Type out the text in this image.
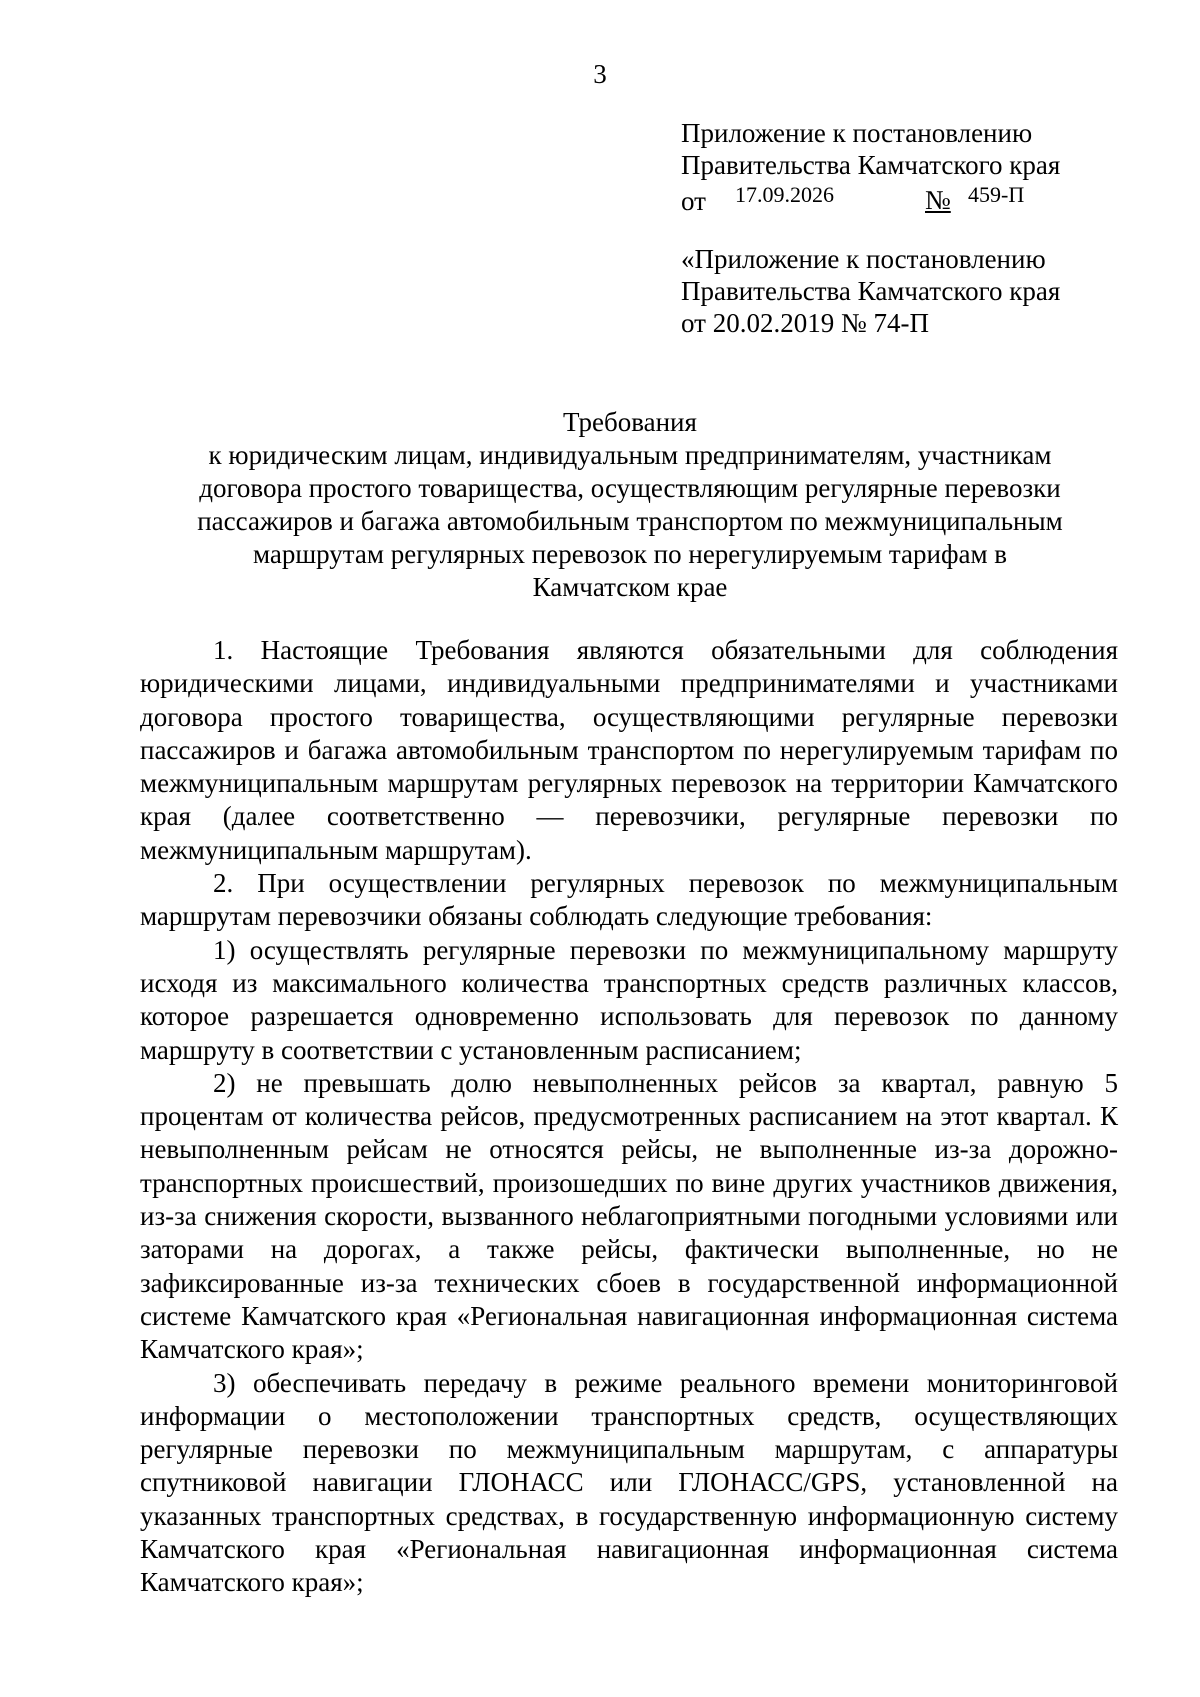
3
Приложение к постановлению
Правительства Камчатского края
от 17.09.2026	№ 459-П
«Приложение к постановлению
Правительства Камчатского края
от 20.02.2019 № 74-П
Требования
к юридическим лицам, индивидуальным предпринимателям, участникам
договора простого товарищества, осуществляющим регулярные перевозки
пассажиров и багажа автомобильным транспортом по межмуниципальным
маршрутам регулярных перевозок по нерегулируемым тарифам в
Камчатском крае

1. Настоящие Требования являются обязательными для соблюдения юридическими лицами, индивидуальными предпринимателями и участниками договора простого товарищества, осуществляющими регулярные перевозки пассажиров и багажа автомобильным транспортом по нерегулируемым тарифам по межмуниципальным маршрутам регулярных перевозок на территории Камчатского края (далее соответственно — перевозчики, регулярные перевозки по межмуниципальным маршрутам).

2. При осуществлении регулярных перевозок по межмуниципальным маршрутам перевозчики обязаны соблюдать следующие требования:

1) осуществлять регулярные перевозки по межмуниципальному маршруту исходя из максимального количества транспортных средств различных классов, которое разрешается одновременно использовать для перевозок по данному маршруту в соответствии с установленным расписанием;

2) не превышать долю невыполненных рейсов за квартал, равную 5 процентам от количества рейсов, предусмотренных расписанием на этот квартал. К невыполненным рейсам не относятся рейсы, не выполненные из-за дорожно-транспортных происшествий, произошедших по вине других участников движения, из-за снижения скорости, вызванного неблагоприятными погодными условиями или заторами на дорогах, а также рейсы, фактически выполненные, но не зафиксированные из-за технических сбоев в государственной информационной системе Камчатского края «Региональная навигационная информационная система Камчатского края»;

3) обеспечивать передачу в режиме реального времени мониторинговой информации о местоположении транспортных средств, осуществляющих регулярные перевозки по межмуниципальным маршрутам, с аппаратуры спутниковой навигации ГЛОНАСС или ГЛОНАСС/GPS, установленной на указанных транспортных средствах, в государственную информационную систему Камчатского края «Региональная навигационная информационная система Камчатского края»;
